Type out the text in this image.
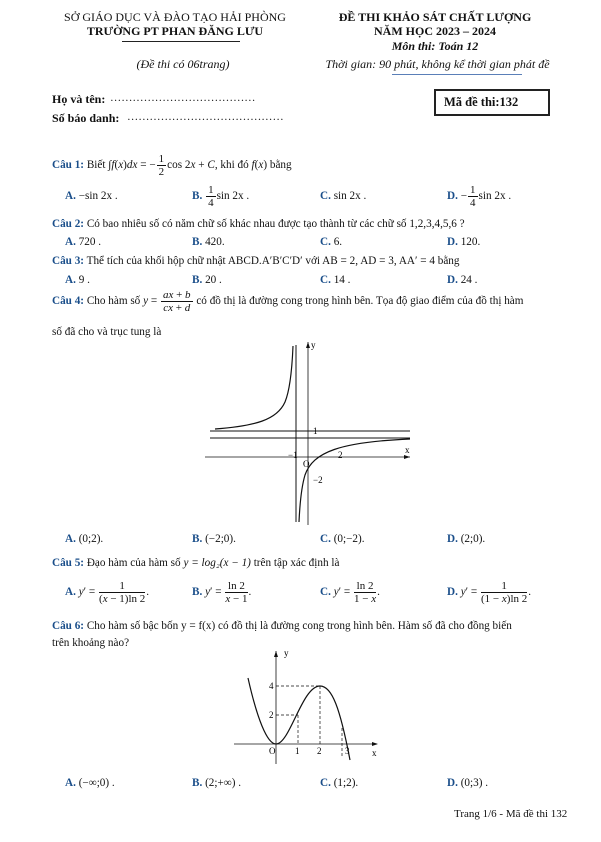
SỞ GIÁO DỤC VÀ ĐÀO TẠO HẢI PHÒNG
TRƯỜNG PT PHAN ĐĂNG LƯU
(Đề thi có 06trang)
ĐỀ THI KHẢO SÁT CHẤT LƯỢNG
NĂM HỌC 2023 – 2024
Môn thi: Toán 12
Thời gian: 90 phút, không kể thời gian phát đề
Họ và tên: …………………………………
Số báo danh: ……………………………………
Mã đề thi:132
Câu 1: Biết ∫f(x)dx = − $\frac{1}{2}$ cos 2x + C, khi đó f(x) bằng
A. −sin 2x .	B. $\frac{1}{4}$ sin 2x .	C. sin 2x .	D. − $\frac{1}{4}$ sin 2x .
Câu 2: Có bao nhiêu số có năm chữ số khác nhau được tạo thành từ các chữ số 1,2,3,4,5,6 ?
A. 720 .	B. 420.	C. 6.	D. 120.
Câu 3: Thể tích của khối hộp chữ nhật ABCD.A′B′C′D′ với AB = 2, AD = 3, AA′ = 4 bằng
A. 9 .	B. 20 .	C. 14 .	D. 24 .
Câu 4: Cho hàm số $y = \frac{ax + b}{cx + d}$ có đồ thị là đường cong trong hình bên. Tọa độ giao điểm của đồ thị hàm
số đã cho và trục tung là
y
x
O
1
−1	2
−2
A. (0;2).	B. (−2;0).	C. (0;−2).	D. (2;0).
Câu 5: Đạo hàm của hàm số y = log₂(x − 1) trên tập xác định là
A. $y' = \frac{1}{(x - 1)\ln 2}$ .	B. $y' = \frac{\ln 2}{x - 1}$ .	C. $y' = \frac{\ln 2}{1 - x}$ .	D. $y' = \frac{1}{(1 - x)\ln 2}$ .
Câu 6: Cho hàm số bậc bốn y = f(x) có đồ thị là đường cong trong hình bên. Hàm số đã cho đồng biến
trên khoảng nào?
y
x
O 1 2	3
4
2
A. (−∞;0) .	B. (2;+∞) .	C. (1;2).	D. (0;3) .
Trang 1/6 - Mã đề thi 132
